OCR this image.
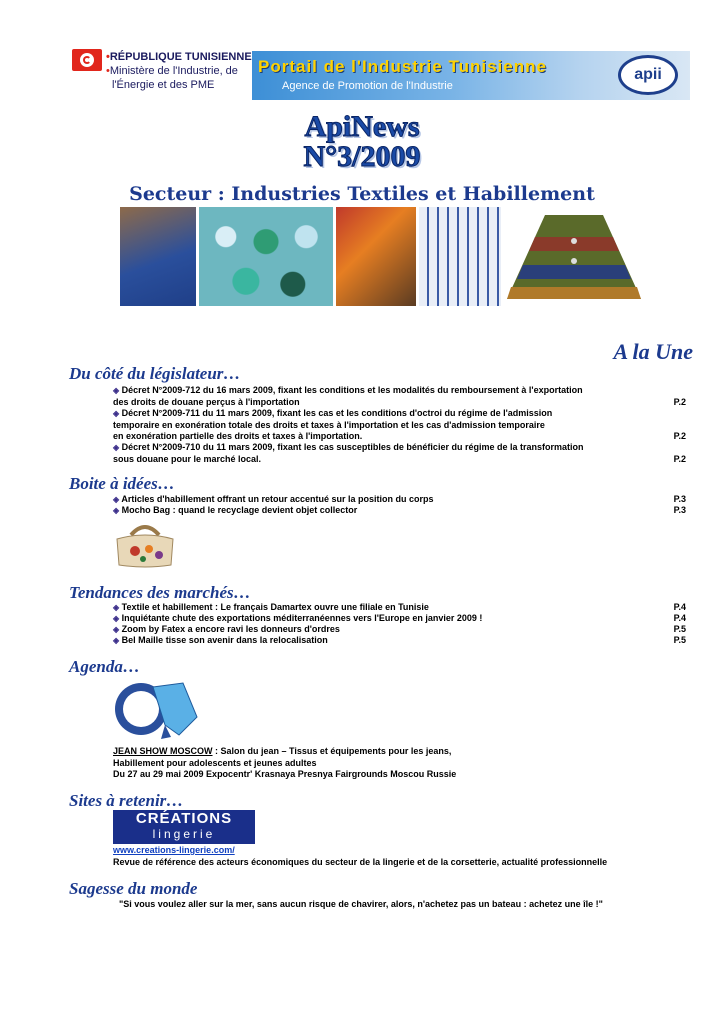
•RÉPUBLIQUE TUNISIENNE
•Ministère de l'Industrie, de
l'Énergie et des PME
Portail de l'Industrie Tunisienne
Agence de Promotion de l'Industrie
apii
ApiNews
N°3/2009
Secteur : Industries Textiles et Habillement
A la Une
Du côté du législateur…
◈ Décret N°2009-712 du 16 mars 2009, fixant les conditions et les modalités du remboursement à l'exportation
des droits de douane perçus à l'importation	P.2
◈ Décret N°2009-711 du 11 mars 2009, fixant les cas et les conditions d'octroi du régime de l'admission
temporaire en exonération totale des droits et taxes à l'importation et les cas d'admission temporaire
en exonération partielle des droits et taxes à l'importation.	P.2
◈ Décret N°2009-710 du 11 mars 2009, fixant les cas susceptibles de bénéficier du régime de la transformation
sous douane pour le marché local.	P.2
Boite à idées…
◈ Articles d'habillement offrant un retour accentué sur la position du corps	P.3
◈ Mocho Bag : quand le recyclage devient objet collector	P.3
Tendances des marchés…
◈ Textile et habillement : Le français Damartex ouvre une filiale en Tunisie	P.4
◈ Inquiétante chute des exportations méditerranéennes vers l'Europe en janvier 2009 !	P.4
◈ Zoom by Fatex a encore ravi les donneurs d'ordres	P.5
◈ Bel Maille tisse son avenir dans la relocalisation	P.5
Agenda…
JEAN SHOW MOSCOW : Salon du jean – Tissus et équipements pour les jeans,
Habillement pour adolescents et jeunes adultes
Du 27 au 29 mai 2009 Expocentr' Krasnaya Presnya Fairgrounds Moscou Russie
Sites à retenir…
CRÉATIONS
lingerie
www.creations-lingerie.com/
Revue de référence des acteurs économiques du secteur de la lingerie et de la corsetterie, actualité professionnelle
Sagesse du monde
"Si vous voulez aller sur la mer, sans aucun risque de chavirer, alors, n'achetez pas un bateau : achetez une île !"
